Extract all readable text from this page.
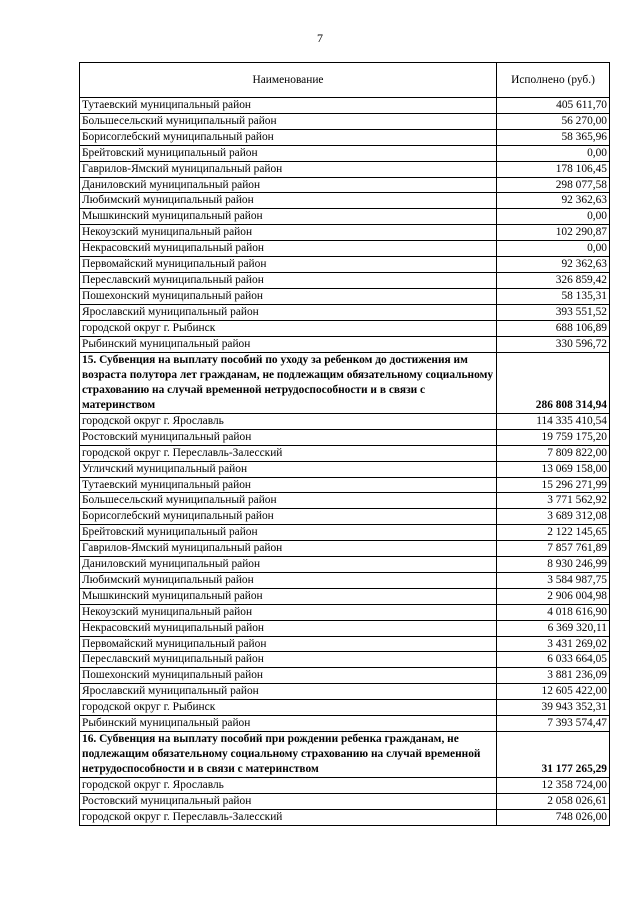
7
Наименование	Исполнено (руб.)
Тутаевский муниципальный район	405 611,70
Большесельский муниципальный район	56 270,00
Борисоглебский муниципальный район	58 365,96
Брейтовский муниципальный район	0,00
Гаврилов-Ямский муниципальный район	178 106,45
Даниловский муниципальный район	298 077,58
Любимский муниципальный район	92 362,63
Мышкинский муниципальный район	0,00
Некоузский муниципальный район	102 290,87
Некрасовский муниципальный район	0,00
Первомайский муниципальный район	92 362,63
Переславский муниципальный район	326 859,42
Пошехонский муниципальный район	58 135,31
Ярославский муниципальный район	393 551,52
городской округ г. Рыбинск	688 106,89
Рыбинский муниципальный район	330 596,72
15. Субвенция на выплату пособий по уходу за ребенком до достижения им возраста полутора лет гражданам, не подлежащим обязательному социальному страхованию на случай временной нетрудоспособности и в связи с материнством	286 808 314,94
городской округ г. Ярославль	114 335 410,54
Ростовский муниципальный район	19 759 175,20
городской округ г. Переславль-Залесский	7 809 822,00
Угличский муниципальный район	13 069 158,00
Тутаевский муниципальный район	15 296 271,99
Большесельский муниципальный район	3 771 562,92
Борисоглебский муниципальный район	3 689 312,08
Брейтовский муниципальный район	2 122 145,65
Гаврилов-Ямский муниципальный район	7 857 761,89
Даниловский муниципальный район	8 930 246,99
Любимский муниципальный район	3 584 987,75
Мышкинский муниципальный район	2 906 004,98
Некоузский муниципальный район	4 018 616,90
Некрасовский муниципальный район	6 369 320,11
Первомайский муниципальный район	3 431 269,02
Переславский муниципальный район	6 033 664,05
Пошехонский муниципальный район	3 881 236,09
Ярославский муниципальный район	12 605 422,00
городской округ г. Рыбинск	39 943 352,31
Рыбинский муниципальный район	7 393 574,47
16. Субвенция на выплату пособий при рождении ребенка гражданам, не подлежащим обязательному социальному страхованию на случай временной нетрудоспособности и в связи с материнством	31 177 265,29
городской округ г. Ярославль	12 358 724,00
Ростовский муниципальный район	2 058 026,61
городской округ г. Переславль-Залесский	748 026,00
